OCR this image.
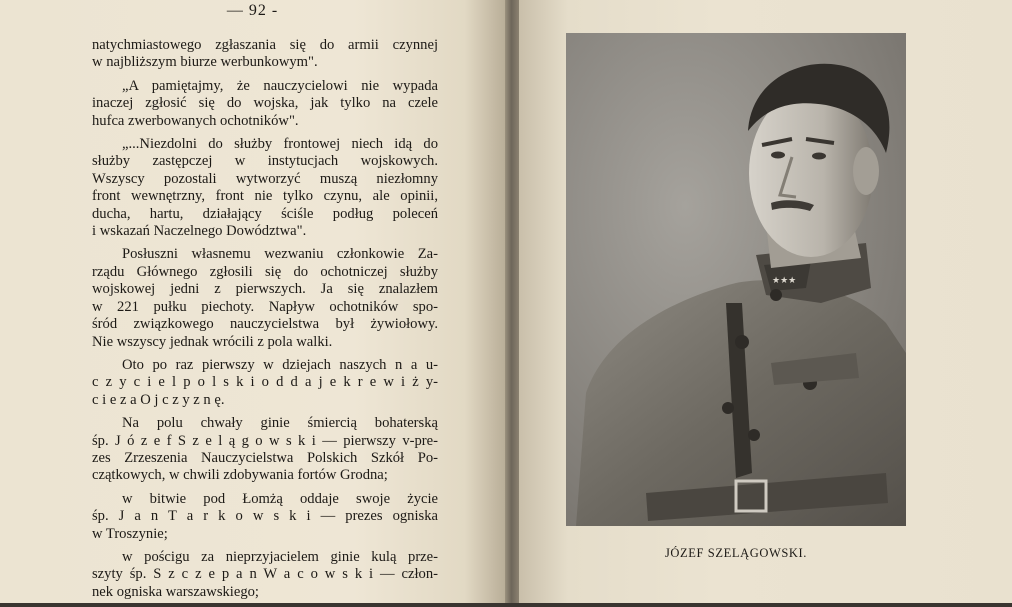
— 92 -
natychmiastowego zgłaszania się do armii czynnej
w najbliższym biurze werbunkowym".
„A pamiętajmy, że nauczycielowi nie wypada
inaczej zgłosić się do wojska, jak tylko na czele
hufca zwerbowanych ochotników".
„...Niezdolni do służby frontowej niech idą do
służby zastępczej w instytucjach wojskowych.
Wszyscy pozostali wytworzyć muszą niezłomny
front wewnętrzny, front nie tylko czynu, ale opinii,
ducha, hartu, działający ściśle podług poleceń
i wskazań Naczelnego Dowództwa".
Posłuszni własnemu wezwaniu członkowie Za-
rządu Głównego zgłosili się do ochotniczej służby
wojskowej jedni z pierwszych. Ja się znalazłem
w 221 pułku piechoty. Napływ ochotników spo-
śród związkowego nauczycielstwa był żywiołowy.
Nie wszyscy jednak wrócili z pola walki.
Oto po raz pierwszy w dziejach naszych n a u-
c z y c i e l p o l s k i o d d a j e k r e w i ż y-
c i e z a O j c z y z n ę.
Na polu chwały ginie śmiercią bohaterską
śp. J ó z e f S z e l ą g o w s k i — pierwszy v-pre-
zes Zrzeszenia Nauczycielstwa Polskich Szkół Po-
czątkowych, w chwili zdobywania fortów Grodna;
w bitwie pod Łomżą oddaje swoje życie
śp. J a n T a r k o w s k i — prezes ogniska
w Troszynie;
w pościgu za nieprzyjacielem ginie kulą prze-
szyty śp. S z c z e p a n W a c o w s k i — człon-
nek ogniska warszawskiego;
★★★
JÓZEF SZELĄGOWSKI.
